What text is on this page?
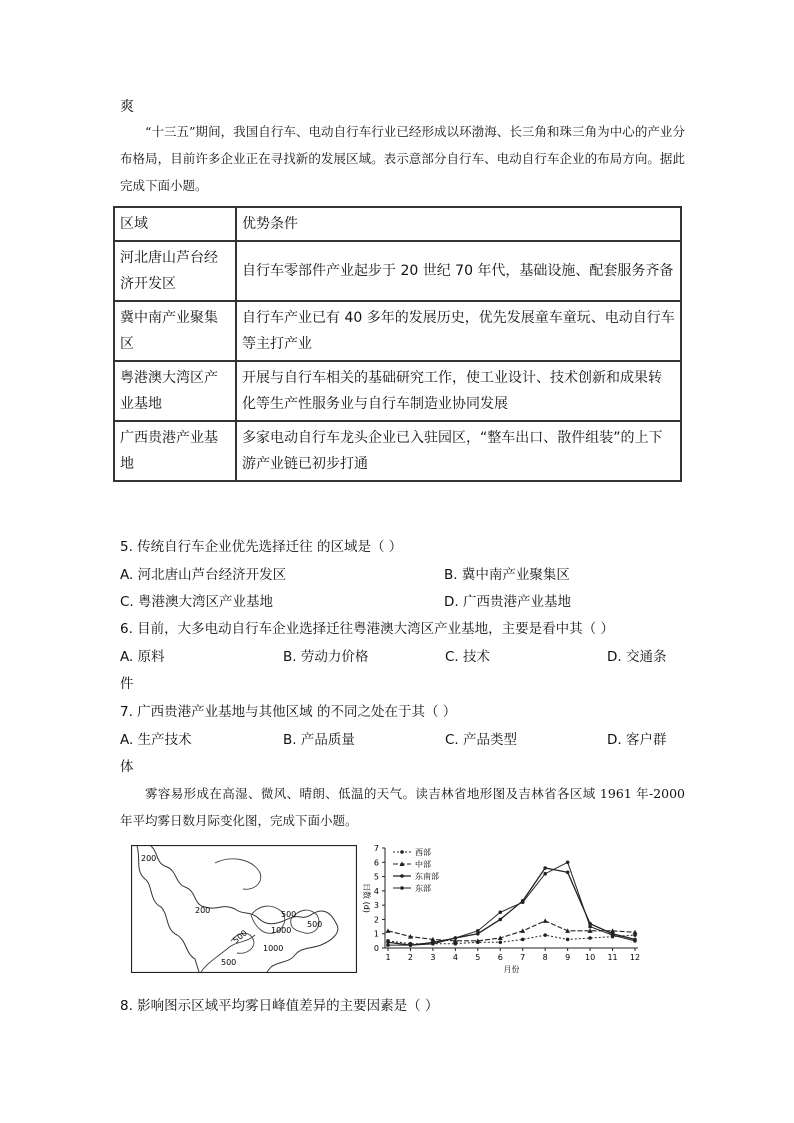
爽
“十三五”期间，我国自行车、电动自行车行业已经形成以环渤海、长三角和珠三角为中心的产业分布格局，目前许多企业正在寻找新的发展区域。表示意部分自行车、电动自行车企业的布局方向。据此完成下面小题。
区域	优势条件
河北唐山芦台经济开发区	自行车零部件产业起步于 20 世纪 70 年代，基础设施、配套服务齐备
冀中南产业聚集区	自行车产业已有 40 多年的发展历史，优先发展童车童玩、电动自行车等主打产业
粤港澳大湾区产业基地	开展与自行车相关的基础研究工作，使工业设计、技术创新和成果转化等生产性服务业与自行车制造业协同发展
广西贵港产业基地	多家电动自行车龙头企业已入驻园区，“整车出口、散件组装”的上下游产业链已初步打通
5. 传统自行车企业优先选择迁往 的区域是（ ）
A. 河北唐山芦台经济开发区	B. 冀中南产业聚集区
C. 粤港澳大湾区产业基地	D. 广西贵港产业基地
6. 目前，大多电动自行车企业选择迁往粤港澳大湾区产业基地，主要是看中其（ ）
A. 原料	B. 劳动力价格	C. 技术	D. 交通条
件
7. 广西贵港产业基地与其他区域 的不同之处在于其（ ）
A. 生产技术	B. 产品质量	C. 产品类型	D. 客户群
体
雾容易形成在高湿、微风、晴朗、低温的天气。读吉林省地形图及吉林省各区域 1961 年-2000 年平均雾日数月际变化图，完成下面小题。
200
200	500
1000
500
500
1000
500
0
1
2
3
4
5
6
7
1 2 3 4 5 6 7 8 9 10 11 12
月份
日数 (d)
西部
中部
东南部
东部
8. 影响图示区域平均雾日峰值差异的主要因素是（ ）
